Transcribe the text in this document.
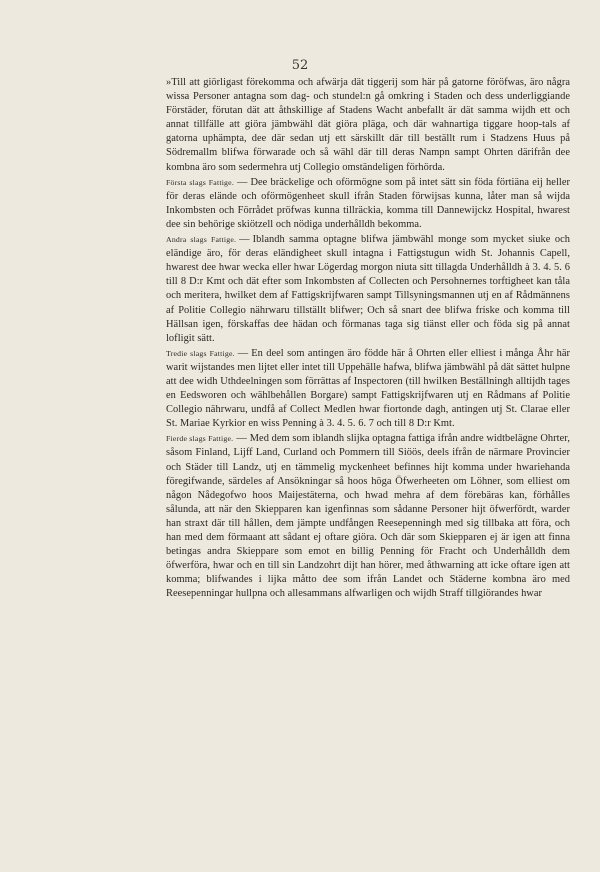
52

»Till att giörligast förekomma och afwärja dät tiggerij som här på gatorne föröfwas, äro några wissa Personer antagna som dag- och stundel:n gå omkring i Staden och dess underliggiande Förstäder, förutan dät att åthskillige af Stadens Wacht anbefallt är dät samma wijdh ett och annat tillfälle att giöra jämbwähl dät giöra pläga, och där wahnartiga tiggare hoop-tals af gatorna uphämpta, dee där sedan utj ett särskillt där till beställt rum i Stadzens Huus på Södremallm blifwa förwarade och så wähl där till deras Nampn sampt Ohrten därifrån dee kombna äro som sedermehra utj Collegio omständeligen förhörda.

Första slags Fattige. — Dee bräckelige och oförmögne som på intet sätt sin föda förtiäna eij heller för deras elände och oförmögenheet skull ifrån Staden förwijsas kunna, låter man så wijda Inkombsten och Förrådet pröfwas kunna tillräckia, komma till Dannewijckz Hospital, hwarest dee sin behörige skiötzell och nödiga underhålldh bekomma.

Andra slags Fattige. — Iblandh samma optagne blifwa jämbwähl monge som mycket siuke och eländige äro, för deras eländigheet skull intagna i Fattigstugun widh St. Johannis Capell, hwarest dee hwar wecka eller hwar Lögerdag morgon niuta sitt tillagda Underhålldh à 3. 4. 5. 6 till 8 D:r Kmt och dät efter som Inkombsten af Collecten och Persohnernes torftigheet kan tåla och meritera, hwilket dem af Fattigskrijfwaren sampt Tillsyningsmannen utj en af Rådmännens af Politie Collegio nährwaru tillställt blifwer; Och så snart dee blifwa friske och komma till Hällsan igen, förskaffas dee hädan och förmanas taga sig tiänst eller och föda sig på annat lofligit sätt.

Tredie slags Fattige. — En deel som antingen äro födde här å Ohrten eller elliest i många Åhr här warit wijstandes men lijtet eller intet till Uppehälle hafwa, blifwa jämbwähl på dät sättet hulpne att dee widh Uthdeelningen som förrättas af Inspectoren (till hwilken Beställningh alltijdh tages en Eedsworen och wählbehållen Borgare) sampt Fattigskrijfwaren utj en Rådmans af Politie Collegio nährwaru, undfå af Collect Medlen hwar fiortonde dagh, antingen utj St. Clarae eller St. Mariae Kyrkior en wiss Penning à 3. 4. 5. 6. 7 och till 8 D:r Kmt.

Fierde slags Fattige. — Med dem som iblandh slijka optagna fattiga ifrån andre widtbelägne Ohrter, såsom Finland, Lijff Land, Curland och Pommern till Siöös, deels ifrån de närmare Provincier och Städer till Landz, utj en tämmelig myckenheet befinnes hijt komma under hwariehanda föregifwande, särdeles af Ansökningar så hoos höga Öfwerheeten om Löhner, som elliest om någon Nådegofwo hoos Maijestäterna, och hwad mehra af dem förebäras kan, förhålles sålunda, att när den Skiepparen kan igenfinnas som sådanne Personer hijt öfwerfördt, warder han straxt där till hållen, dem jämpte undfången Reesepenningh med sig tillbaka att föra, och han med dem förmaant att sådant ej oftare giöra. Och där som Skiepparen ej är igen att finna betingas andra Skieppare som emot en billig Penning för Fracht och Underhålldh dem öfwerföra, hwar och en till sin Landzohrt dijt han hörer, med åthwarning att icke oftare igen att komma; blifwandes i lijka måtto dee som ifrån Landet och Städerne kombna äro med Reesepenningar hullpna och allesammans alfwarligen och wijdh Straff tillgiörandes hwar
